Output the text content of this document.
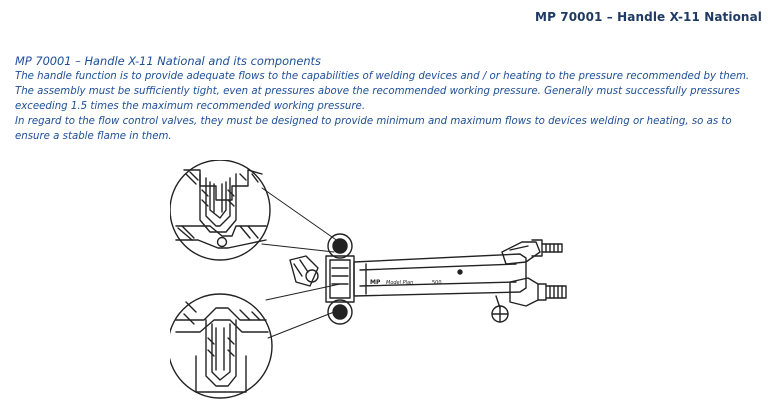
MP 70001 – Handle X-11 National

MP 70001 – Handle X-11 National and its components

The handle function is to provide adequate flows to the capabilities of welding devices and / or heating to the pressure recommended by them. The assembly must be sufficiently tight, even at pressures above the recommended working pressure. Generally must successfully pressures exceeding 1.5 times the maximum recommended working pressure.

In regard to the flow control valves, they must be designed to provide minimum and maximum flows to devices welding or heating, so as to ensure a stable flame in them.

MP Model Plan	500
